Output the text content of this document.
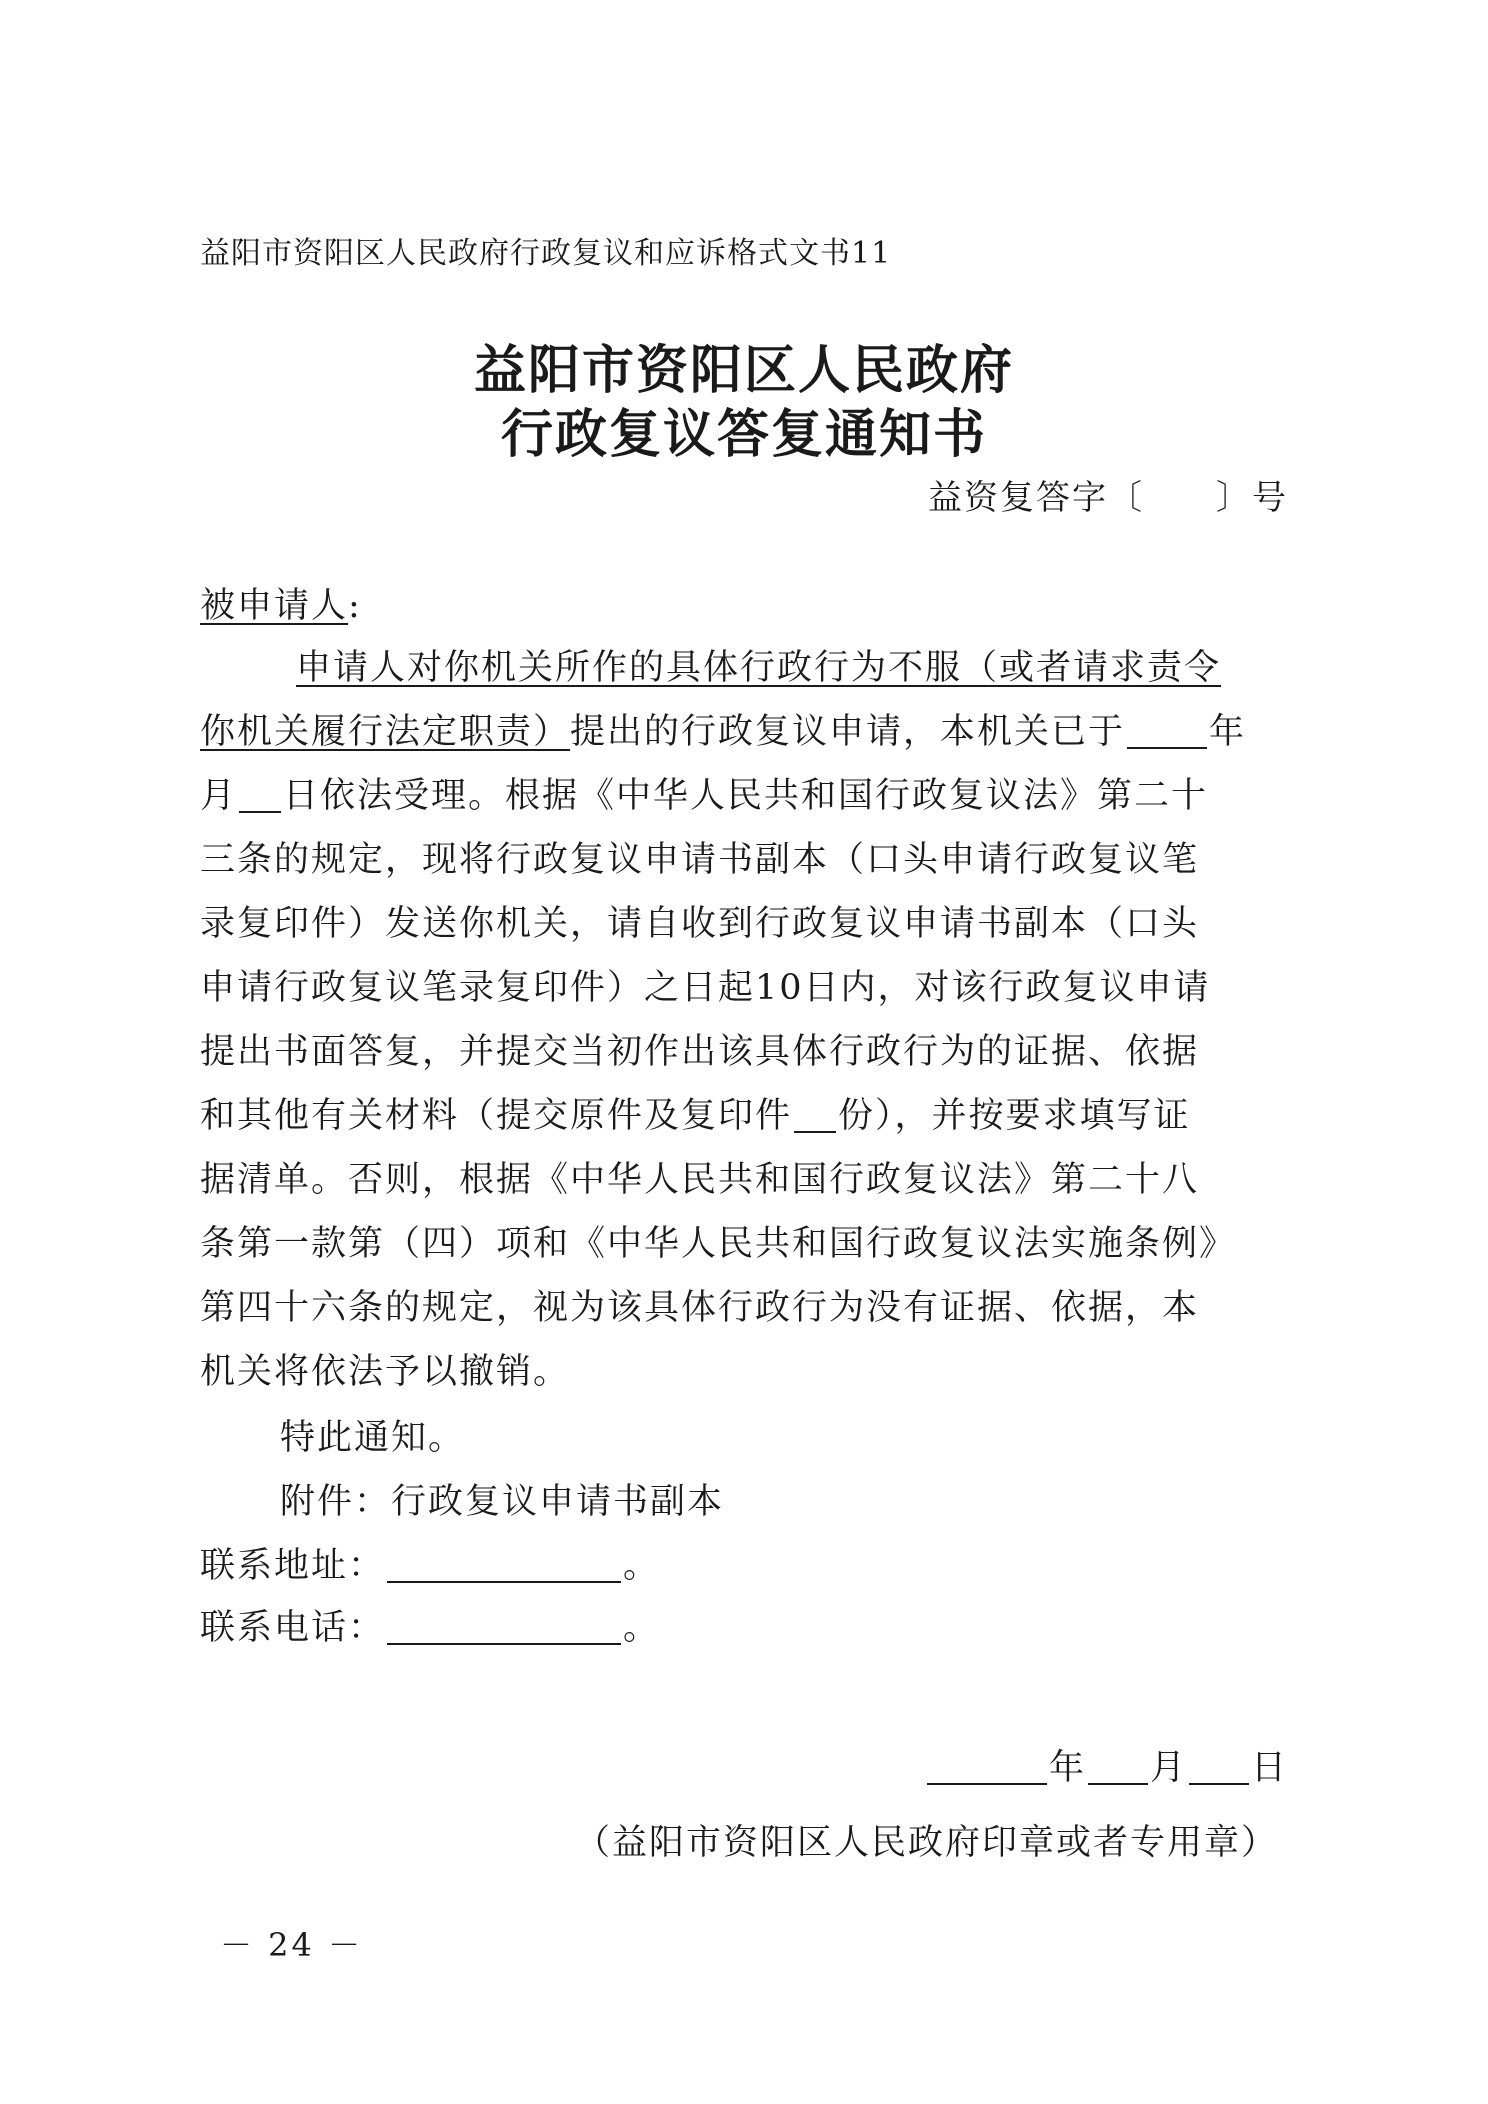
益阳市资阳区人民政府行政复议和应诉格式文书11
益阳市资阳区人民政府
行政复议答复通知书
益资复答字〔　　〕号
被申请人:
申请人对你机关所作的具体行政行为不服（或者请求责令
你机关履行法定职责）提出的行政复议申请，本机关已于 年
月 日依法受理。根据《中华人民共和国行政复议法》第二十
三条的规定，现将行政复议申请书副本（口头申请行政复议笔
录复印件）发送你机关，请自收到行政复议申请书副本（口头
申请行政复议笔录复印件）之日起10日内，对该行政复议申请
提出书面答复，并提交当初作出该具体行政行为的证据、依据
和其他有关材料（提交原件及复印件 份），并按要求填写证
据清单。否则，根据《中华人民共和国行政复议法》第二十八
条第一款第（四）项和《中华人民共和国行政复议法实施条例》
第四十六条的规定，视为该具体行政行为没有证据、依据，本
机关将依法予以撤销。
特此通知。
附件：行政复议申请书副本
联系地址：	。
联系电话：	。
年 月 日
（益阳市资阳区人民政府印章或者专用章）
－ 24 －
